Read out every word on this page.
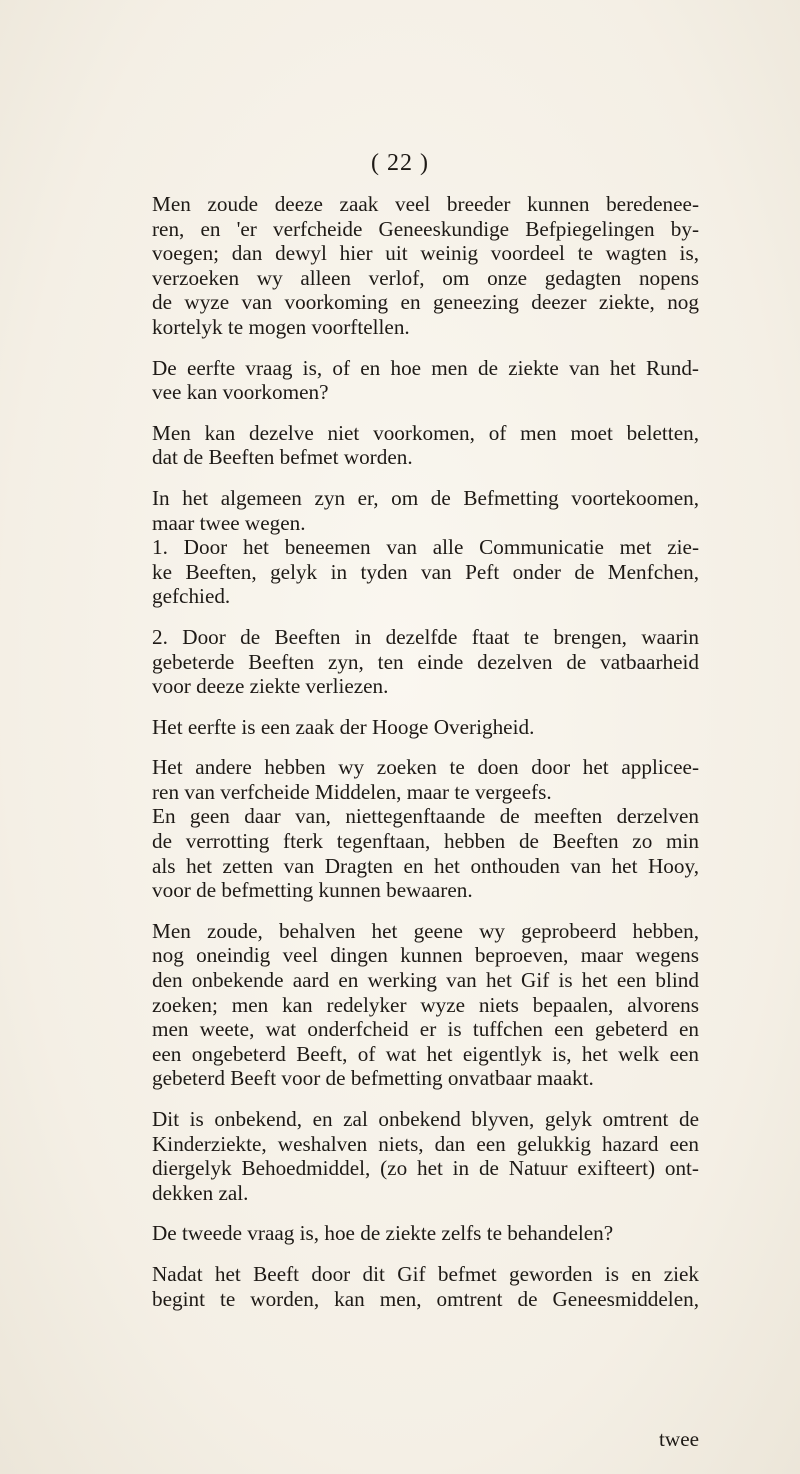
( 22 )

Men zoude deeze zaak veel breeder kunnen beredenee-
ren, en 'er verfcheide Geneeskundige Befpiegelingen by-
voegen; dan dewyl hier uit weinig voordeel te wagten is,
verzoeken wy alleen verlof, om onze gedagten nopens
de wyze van voorkoming en geneezing deezer ziekte, nog
kortelyk te mogen voorftellen.

De eerfte vraag is, of en hoe men de ziekte van het Rund-
vee kan voorkomen?

Men kan dezelve niet voorkomen, of men moet beletten,
dat de Beeften befmet worden.

In het algemeen zyn er, om de Befmetting voortekoomen,
maar twee wegen.

1. Door het beneemen van alle Communicatie met zie-
ke Beeften, gelyk in tyden van Peft onder de Menfchen,
gefchied.

2. Door de Beeften in dezelfde ftaat te brengen, waarin
gebeterde Beeften zyn, ten einde dezelven de vatbaarheid
voor deeze ziekte verliezen.

Het eerfte is een zaak der Hooge Overigheid.

Het andere hebben wy zoeken te doen door het applicee-
ren van verfcheide Middelen, maar te vergeefs.

En geen daar van, niettegenftaande de meeften derzelven
de verrotting fterk tegenftaan, hebben de Beeften zo min
als het zetten van Dragten en het onthouden van het Hooy,
voor de befmetting kunnen bewaaren.

Men zoude, behalven het geene wy geprobeerd hebben,
nog oneindig veel dingen kunnen beproeven, maar wegens
den onbekende aard en werking van het Gif is het een blind
zoeken; men kan redelyker wyze niets bepaalen, alvorens
men weete, wat onderfcheid er is tuffchen een gebeterd en
een ongebeterd Beeft, of wat het eigentlyk is, het welk een
gebeterd Beeft voor de befmetting onvatbaar maakt.

Dit is onbekend, en zal onbekend blyven, gelyk omtrent de
Kinderziekte, weshalven niets, dan een gelukkig hazard een
diergelyk Behoedmiddel, (zo het in de Natuur exifteert) ont-
dekken zal.

De tweede vraag is, hoe de ziekte zelfs te behandelen?

Nadat het Beeft door dit Gif befmet geworden is en ziek
begint te worden, kan men, omtrent de Geneesmiddelen,

twee
